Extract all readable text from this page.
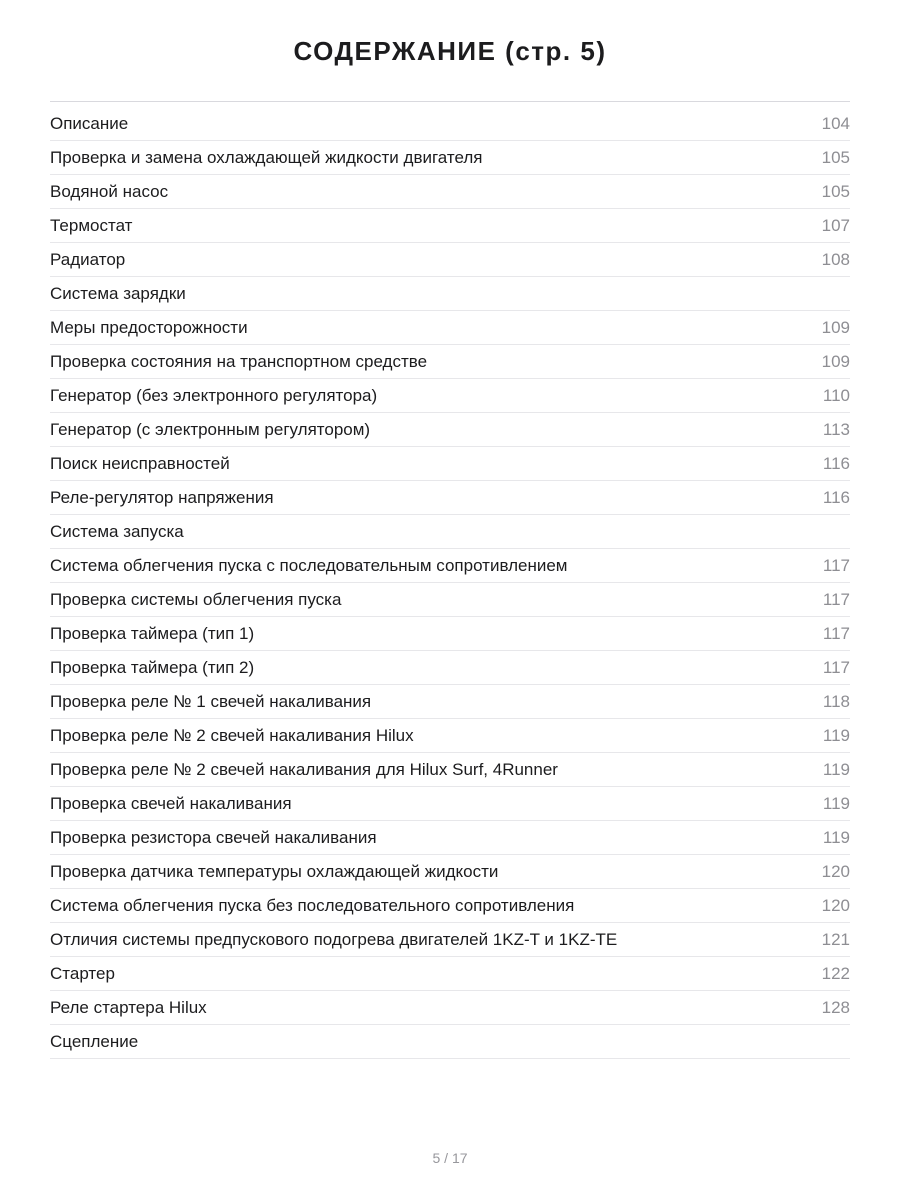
СОДЕРЖАНИЕ (стр. 5)
Описание	104
Проверка и замена охлаждающей жидкости двигателя	105
Водяной насос	105
Термостат	107
Радиатор	108
Система зарядки
Меры предосторожности	109
Проверка состояния на транспортном средстве	109
Генератор (без электронного регулятора)	110
Генератор (с электронным регулятором)	113
Поиск неисправностей	116
Реле-регулятор напряжения	116
Система запуска
Система облегчения пуска с последовательным сопротивлением	117
Проверка системы облегчения пуска	117
Проверка таймера (тип 1)	117
Проверка таймера (тип 2)	117
Проверка реле № 1 свечей накаливания	118
Проверка реле № 2 свечей накаливания Hilux	119
Проверка реле № 2 свечей накаливания для Hilux Surf, 4Runner	119
Проверка свечей накаливания	119
Проверка резистора свечей накаливания	119
Проверка датчика температуры охлаждающей жидкости	120
Система облегчения пуска без последовательного сопротивления	120
Отличия системы предпускового подогрева двигателей 1KZ-T и 1KZ-TE	121
Стартер	122
Реле стартера Hilux	128
Сцепление
5 / 17
